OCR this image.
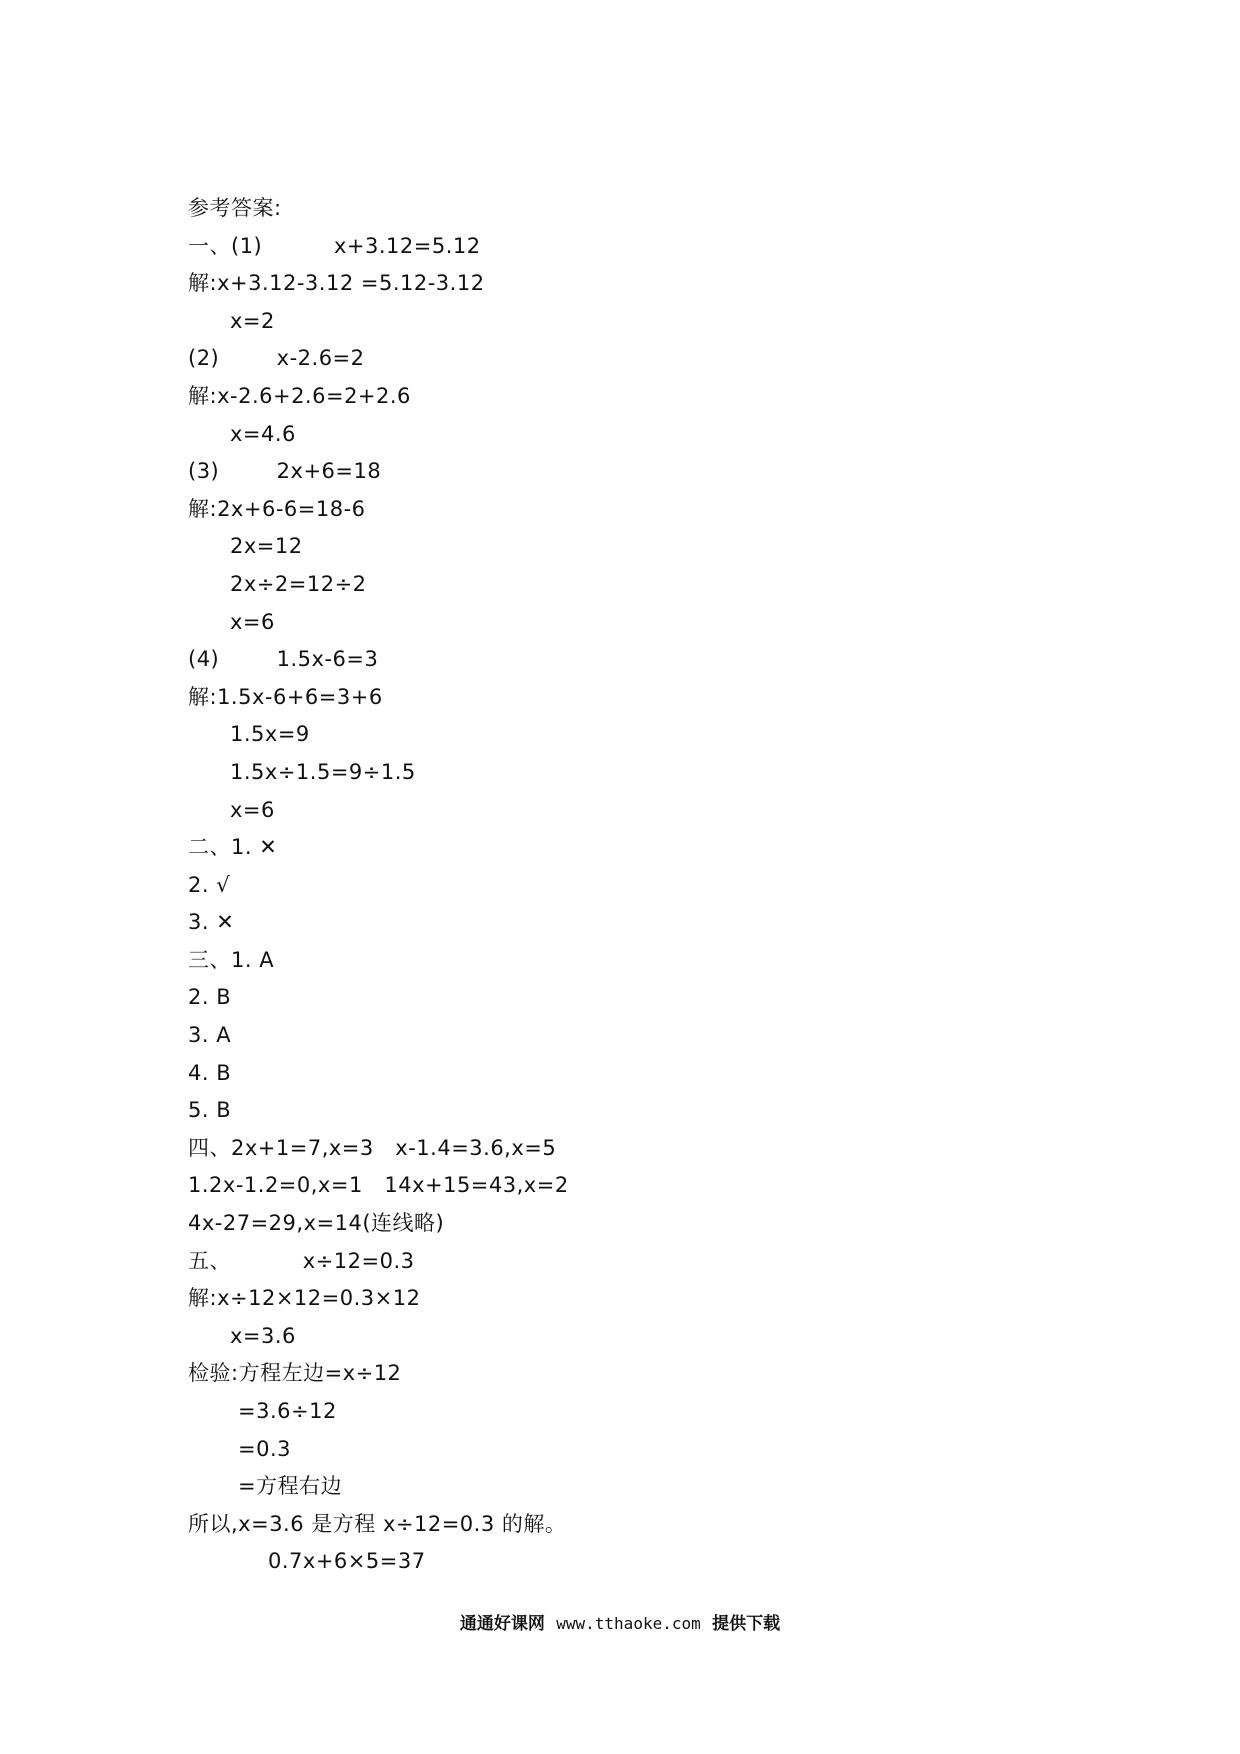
参考答案:
一、(1)          x+3.12=5.12
解:x+3.12-3.12 =5.12-3.12
x=2
(2)        x-2.6=2
解:x-2.6+2.6=2+2.6
x=4.6
(3)        2x+6=18
解:2x+6-6=18-6
2x=12
2x÷2=12÷2
x=6
(4)        1.5x-6=3
解:1.5x-6+6=3+6
1.5x=9
1.5x÷1.5=9÷1.5
x=6
二、1. ✕
2. √
3. ✕
三、1. A
2. B
3. A
4. B
5. B
四、2x+1=7,x=3   x-1.4=3.6,x=5
1.2x-1.2=0,x=1   14x+15=43,x=2
4x-27=29,x=14(连线略)
五、          x÷12=0.3
解:x÷12×12=0.3×12
x=3.6
检验:方程左边=x÷12
=3.6÷12
=0.3
=方程右边
所以,x=3.6 是方程 x÷12=0.3 的解。
0.7x+6×5=37
通通好课网 www.tthaoke.com 提供下载
